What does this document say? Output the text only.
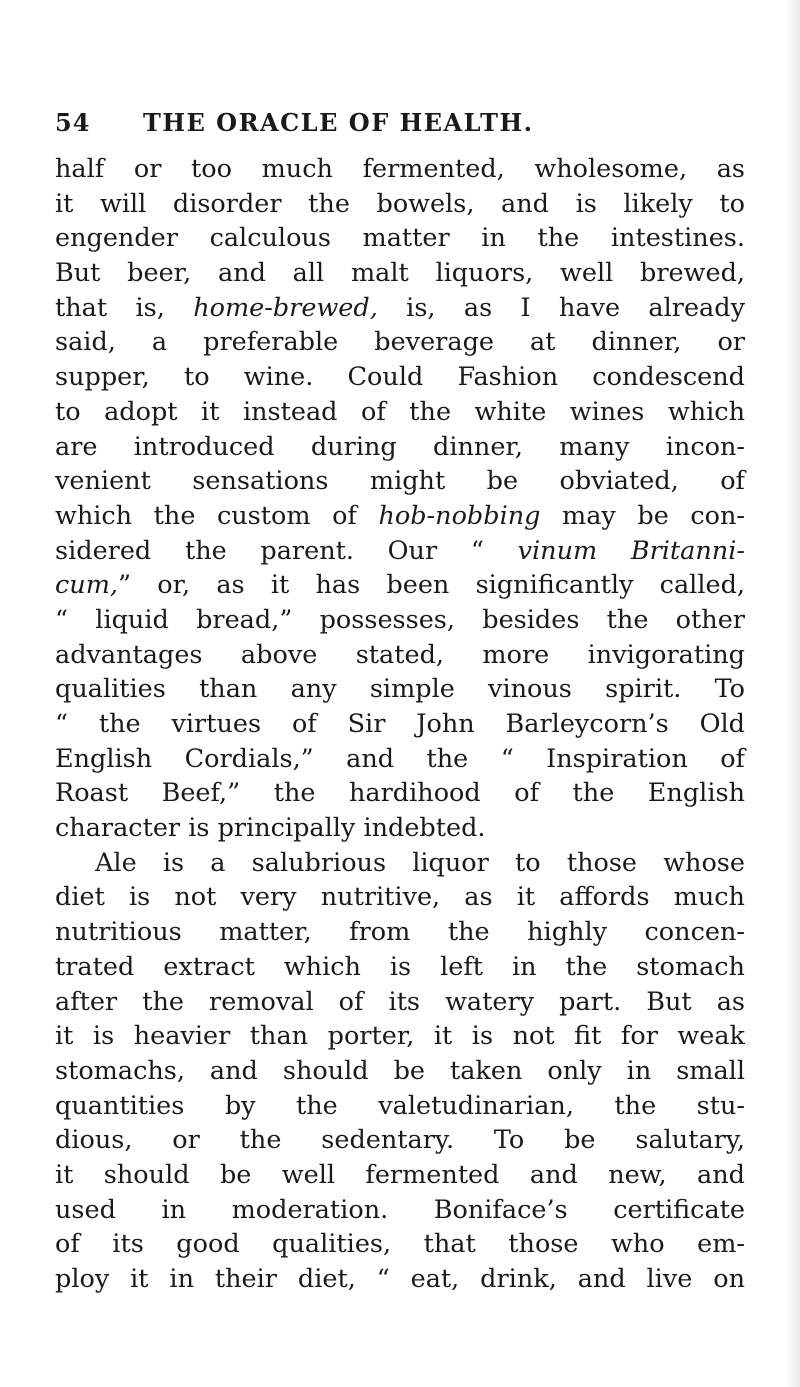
54 THE ORACLE OF HEALTH.
half or too much fermented, wholesome, as
it will disorder the bowels, and is likely to
engender calculous matter in the intestines.
But beer, and all malt liquors, well brewed,
that is, home-brewed, is, as I have already
said, a preferable beverage at dinner, or
supper, to wine. Could Fashion condescend
to adopt it instead of the white wines which
are introduced during dinner, many incon-
venient sensations might be obviated, of
which the custom of hob-nobbing may be con-
sidered the parent. Our “ vinum Britanni-
cum,” or, as it has been significantly called,
“ liquid bread,” possesses, besides the other
advantages above stated, more invigorating
qualities than any simple vinous spirit. To
“ the virtues of Sir John Barleycorn’s Old
English Cordials,” and the “ Inspiration of
Roast Beef,” the hardihood of the English
character is principally indebted.
Ale is a salubrious liquor to those whose
diet is not very nutritive, as it affords much
nutritious matter, from the highly concen-
trated extract which is left in the stomach
after the removal of its watery part. But as
it is heavier than porter, it is not fit for weak
stomachs, and should be taken only in small
quantities by the valetudinarian, the stu-
dious, or the sedentary. To be salutary,
it should be well fermented and new, and
used in moderation. Boniface’s certificate
of its good qualities, that those who em-
ploy it in their diet, “ eat, drink, and live on
